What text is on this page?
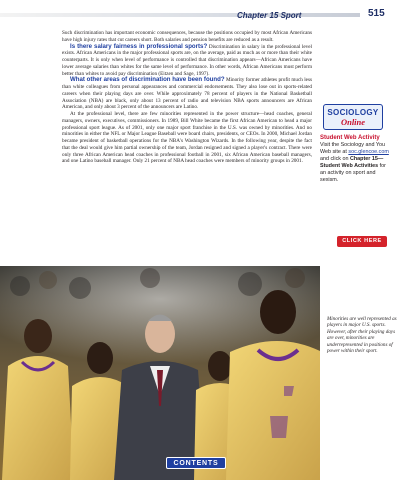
Chapter 15 Sport	515

Such discrimination has important economic consequences, because the positions occupied by most African Americans have high injury rates that cut careers short. Both salaries and pension benefits are reduced as a result.

Is there salary fairness in professional sports? Discrimination in salary in the professional level exists. African Americans in the major professional sports are, on the average, paid as much as or more than their white counterparts. It is only when level of performance is controlled that discrimination appears—African Americans have lower average salaries than whites for the same level of performance. In other words, African Americans must perform better than whites to avoid pay discrimination (Eitzen and Sage, 1997).

What other areas of discrimination have been found? Minority former athletes profit much less than white colleagues from personal appearances and commercial endorsements. They also lose out in sports-related careers when their playing days are over. While approximately 78 percent of players in the National Basketball Association (NBA) are black, only about 13 percent of radio and television NBA sports announcers are African American, and only about 3 percent of the announcers are Latino.

At the professional level, there are few minorities represented in the power structure—head coaches, general managers, owners, executives, commissioners. In 1989, Bill White became the first African American to head a major professional sport league. As of 2001, only one major sport franchise in the U.S. was owned by minorities. And no minorities in either the NFL or Major League Baseball were board chairs, presidents, or CEOs. In 2000, Michael Jordan became president of basketball operations for the NBA's Washington Wizards. In the following year, despite the fact that the deal would give him partial ownership of the team, Jordan resigned and signed a player's contract. There were only three African American head coaches in professional football in 2001, six African American baseball managers, and one Latino baseball manager. Only 21 percent of NBA head coaches were members of minority groups in 2001.

SOCIOLOGY
Online
Student Web Activity
Visit the Sociology and You Web site at soc.glencoe.com and click on Chapter 15—Student Web Activities for an activity on sport and sexism.
CLICK HERE
Minorities are well represented as players in major U.S. sports. However, after their playing days are over, minorities are underrepresented in positions of power within their sport.
CONTENTS
